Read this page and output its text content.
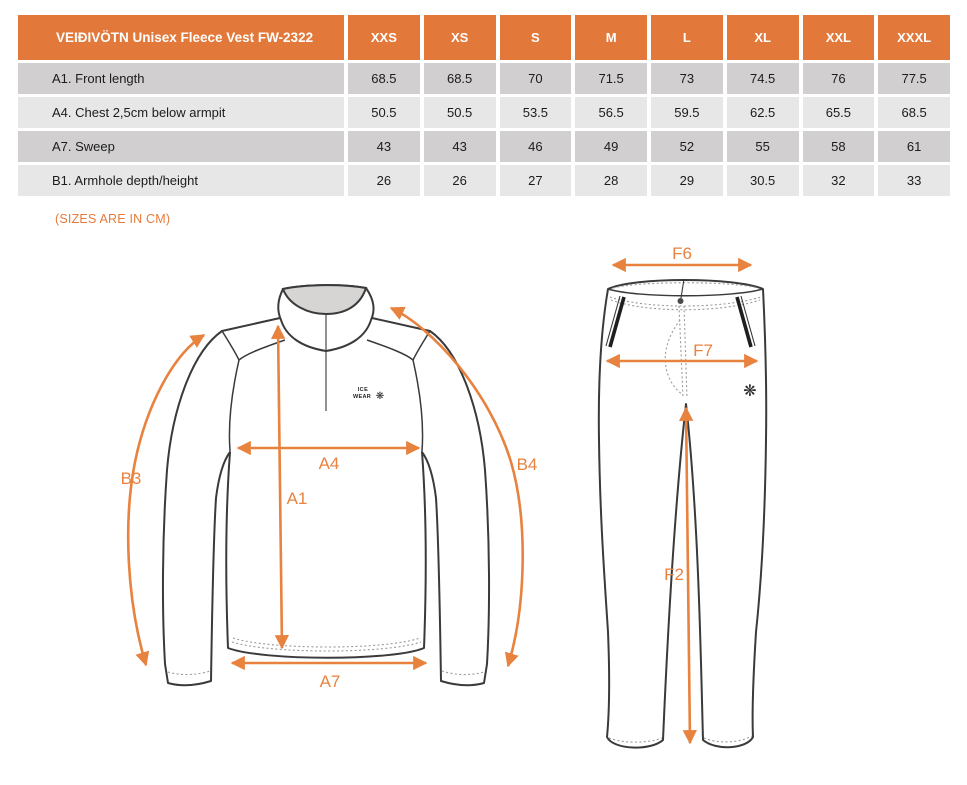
VEIÐIVÖTN Unisex Fleece Vest FW-2322	XXS	XS	S	M	L	XL	XXL	XXXL
A1. Front length	68.5	68.5	70	71.5	73	74.5	76	77.5
A4. Chest 2,5cm below armpit	50.5	50.5	53.5	56.5	59.5	62.5	65.5	68.5
A7. Sweep	43	43	46	49	52	55	58	61
B1. Armhole depth/height	26	26	27	28	29	30.5	32	33
(SIZES ARE IN CM)
ICE
WEAR ❋
B3
A4
A1
B4
A7
❋
F6
F7
F2
